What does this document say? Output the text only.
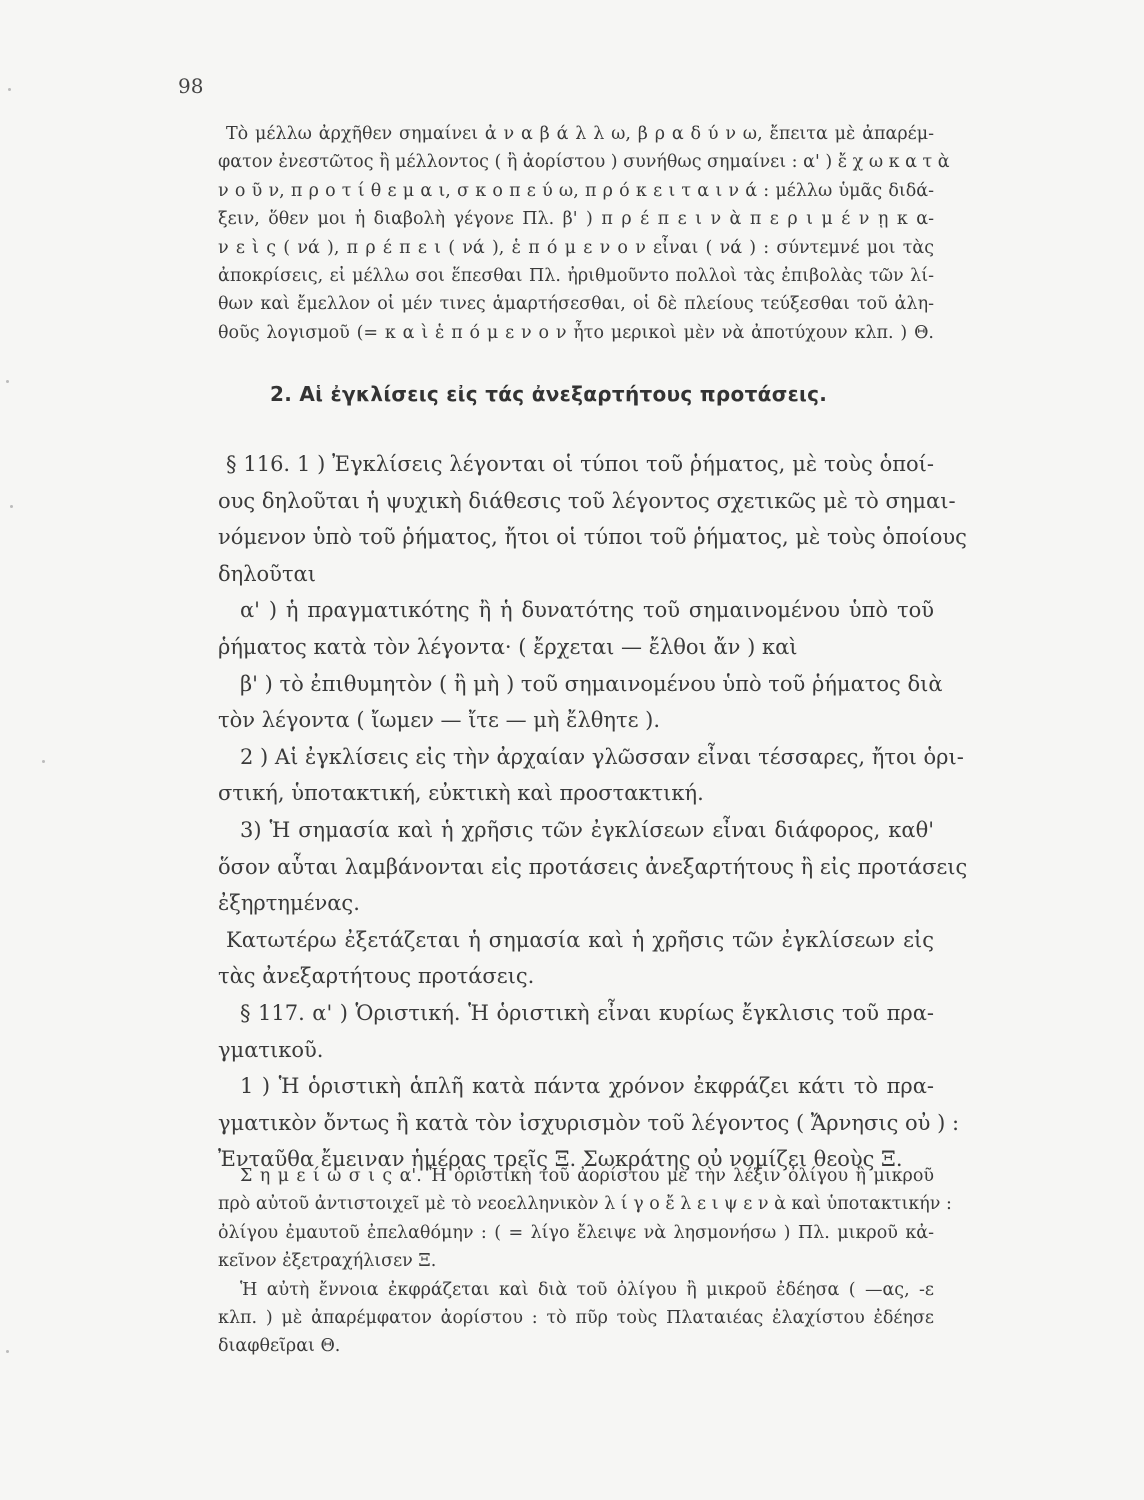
98
Τὸ μέλλω ἀρχῆθεν σημαίνει ἀ ν α β ά λ λ ω, β ρ α δ ύ ν ω, ἔπειτα μὲ ἀπαρέμ-
φατον ἐνεστῶτος ἢ μέλλοντος ( ἢ ἀορίστου ) συνήθως σημαίνει : α' ) ἔ χ ω κ α τ ὰ
ν ο ῦ ν, π ρ ο τ ί θ ε μ α ι, σ κ ο π ε ύ ω, π ρ ό κ ε ι τ α ι ν ά : μέλλω ὑμᾶς διδά-
ξειν, ὅθεν μοι ἡ διαβολὴ γέγονε Πλ. β' ) π ρ έ π ε ι ν ὰ π ε ρ ι μ έ ν ῃ κ α-
ν ε ὶ ς ( νά ), π ρ έ π ε ι ( νά ), ἑ π ό μ ε ν ο ν εἶναι ( νά ) : σύντεμνέ μοι τὰς
ἀποκρίσεις, εἰ μέλλω σοι ἕπεσθαι Πλ. ἠριθμοῦντο πολλοὶ τὰς ἐπιβολὰς τῶν λί-
θων καὶ ἔμελλον οἱ μέν τινες ἁμαρτήσεσθαι, οἱ δὲ πλείους τεύξεσθαι τοῦ ἀλη-
θοῦς λογισμοῦ (= κ α ὶ ἑ π ό μ ε ν ο ν ἦτο μερικοὶ μὲν νὰ ἀποτύχουν κλπ. ) Θ.
2. Αἱ ἐγκλίσεις εἰς τάς ἀνεξαρτήτους προτάσεις.
§ 116. 1 ) Ἐγκλίσεις λέγονται οἱ τύποι τοῦ ῥήματος, μὲ τοὺς ὁποί-
ους δηλοῦται ἡ ψυχικὴ διάθεσις τοῦ λέγοντος σχετικῶς μὲ τὸ σημαι-
νόμενον ὑπὸ τοῦ ῥήματος, ἤτοι οἱ τύποι τοῦ ῥήματος, μὲ τοὺς ὁποίους
δηλοῦται
α' ) ἡ πραγματικότης ἢ ἡ δυνατότης τοῦ σημαινομένου ὑπὸ τοῦ
ῥήματος κατὰ τὸν λέγοντα· ( ἔρχεται — ἔλθοι ἄν ) καὶ
β' ) τὸ ἐπιθυμητὸν ( ἢ μὴ ) τοῦ σημαινομένου ὑπὸ τοῦ ῥήματος διὰ
τὸν λέγοντα ( ἴωμεν — ἴτε — μὴ ἔλθητε ).
2 ) Αἱ ἐγκλίσεις εἰς τὴν ἀρχαίαν γλῶσσαν εἶναι τέσσαρες, ἤτοι ὁρι-
στική, ὑποτακτική, εὐκτικὴ καὶ προστακτική.
3) Ἡ σημασία καὶ ἡ χρῆσις τῶν ἐγκλίσεων εἶναι διάφορος, καθ'
ὅσον αὗται λαμβάνονται εἰς προτάσεις ἀνεξαρτήτους ἢ εἰς προτάσεις
ἐξηρτημένας.
Κατωτέρω ἐξετάζεται ἡ σημασία καὶ ἡ χρῆσις τῶν ἐγκλίσεων εἰς
τὰς ἀνεξαρτήτους προτάσεις.
§ 117. α' ) Ὁριστική. Ἡ ὁριστικὴ εἶναι κυρίως ἔγκλισις τοῦ πρα-
γματικοῦ.
1 ) Ἡ ὁριστικὴ ἁπλῆ κατὰ πάντα χρόνον ἐκφράζει κάτι τὸ πρα-
γματικὸν ὄντως ἢ κατὰ τὸν ἰσχυρισμὸν τοῦ λέγοντος ( Ἄρνησις οὐ ) :
Ἐνταῦθα ἔμειναν ἡμέρας τρεῖς Ξ. Σωκράτης οὐ νομίζει θεοὺς Ξ.
Σ η μ ε ί ω σ ι ς α'. Ἡ ὁριστικὴ τοῦ ἀορίστου μὲ τὴν λέξιν ὀλίγου ἢ μικροῦ
πρὸ αὐτοῦ ἀντιστοιχεῖ μὲ τὸ νεοελληνικὸν λ ί γ ο ἔ λ ε ι ψ ε ν ὰ καὶ ὑποτακτικήν :
ὀλίγου ἐμαυτοῦ ἐπελαθόμην : ( = λίγο ἔλειψε νὰ λησμονήσω ) Πλ. μικροῦ κἀ-
κεῖνον ἐξετραχήλισεν Ξ.
Ἡ αὐτὴ ἔννοια ἐκφράζεται καὶ διὰ τοῦ ὀλίγου ἢ μικροῦ ἐδέησα ( —ας, -ε
κλπ. ) μὲ ἀπαρέμφατον ἀορίστου : τὸ πῦρ τοὺς Πλαταιέας ἐλαχίστου ἐδέησε
διαφθεῖραι Θ.
